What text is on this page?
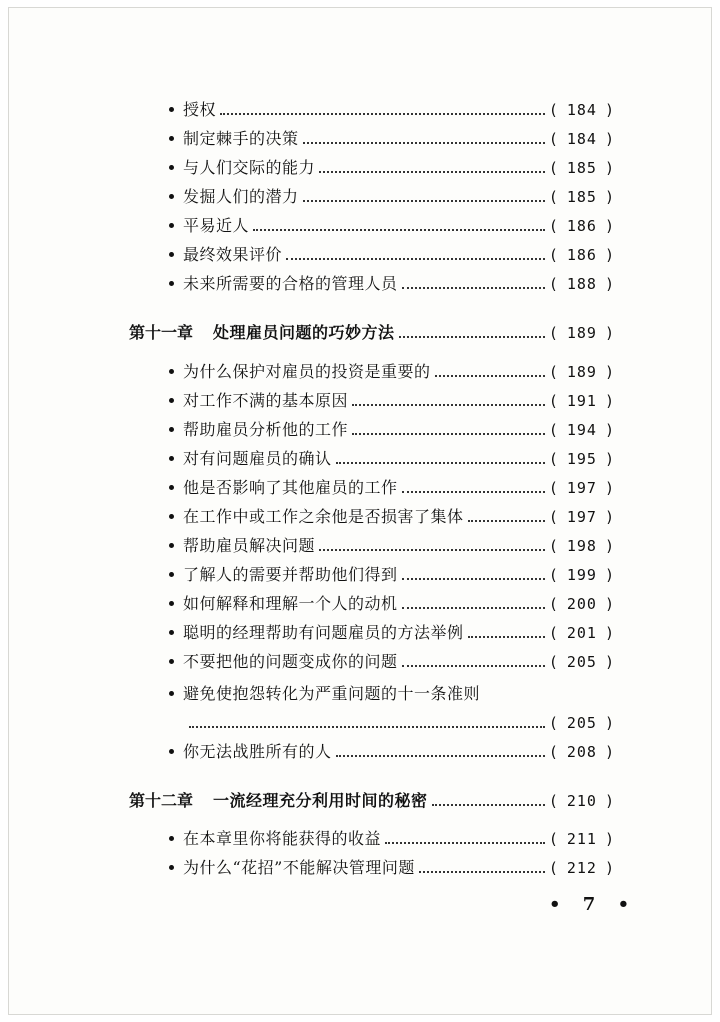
授权	( 184 )
制定棘手的决策	( 184 )
与人们交际的能力	( 185 )
发掘人们的潜力	( 185 )
平易近人	( 186 )
最终效果评价	( 186 )
未来所需要的合格的管理人员	( 188 )
第十一章 处理雇员问题的巧妙方法	( 189 )
为什么保护对雇员的投资是重要的	( 189 )
对工作不满的基本原因	( 191 )
帮助雇员分析他的工作	( 194 )
对有问题雇员的确认	( 195 )
他是否影响了其他雇员的工作	( 197 )
在工作中或工作之余他是否损害了集体	( 197 )
帮助雇员解决问题	( 198 )
了解人的需要并帮助他们得到	( 199 )
如何解释和理解一个人的动机	( 200 )
聪明的经理帮助有问题雇员的方法举例	( 201 )
不要把他的问题变成你的问题	( 205 )
避免使抱怨转化为严重问题的十一条准则
( 205 )
你无法战胜所有的人	( 208 )
第十二章 一流经理充分利用时间的秘密	( 210 )
在本章里你将能获得的收益	( 211 )
为什么“花招”不能解决管理问题	( 212 )
• 7 •
